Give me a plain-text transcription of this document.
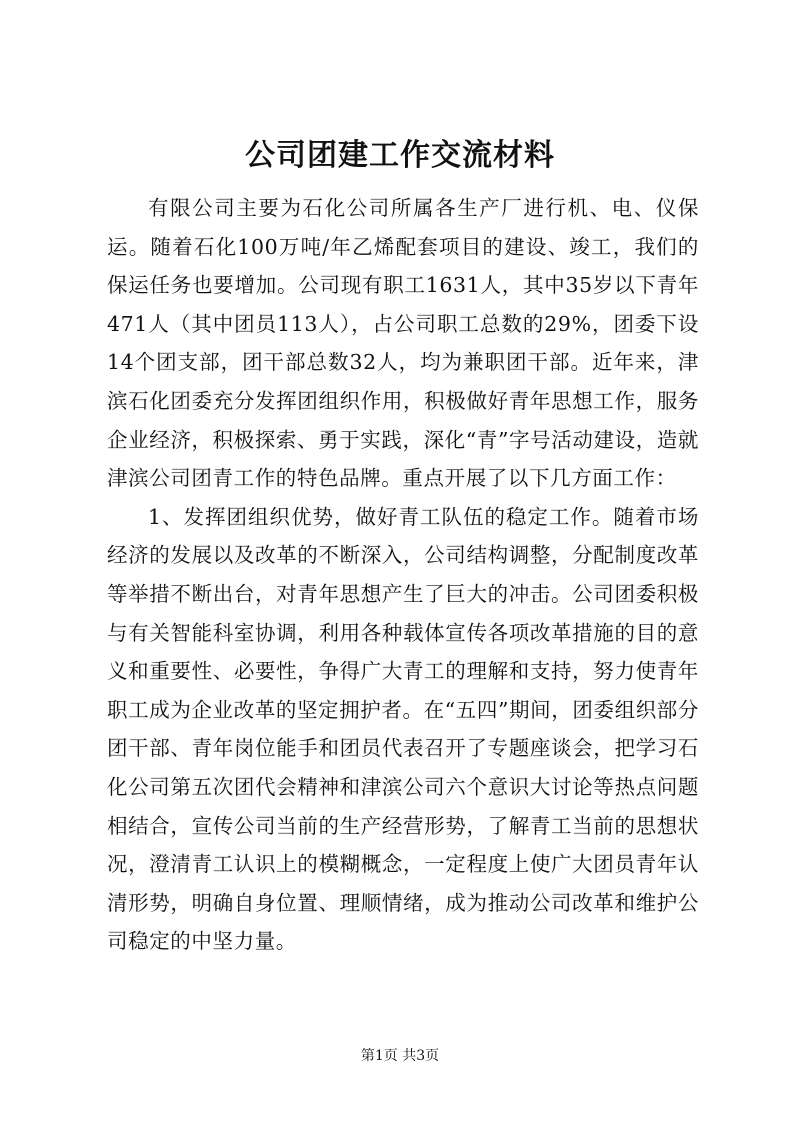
公司团建工作交流材料

有限公司主要为石化公司所属各生产厂进行机、电、仪保运。随着石化100万吨/年乙烯配套项目的建设、竣工，我们的保运任务也要增加。公司现有职工1631人，其中35岁以下青年471人（其中团员113人），占公司职工总数的29%，团委下设14个团支部，团干部总数32人，均为兼职团干部。近年来，津滨石化团委充分发挥团组织作用，积极做好青年思想工作，服务企业经济，积极探索、勇于实践，深化“青”字号活动建设，造就津滨公司团青工作的特色品牌。重点开展了以下几方面工作：

1、发挥团组织优势，做好青工队伍的稳定工作。随着市场经济的发展以及改革的不断深入，公司结构调整，分配制度改革等举措不断出台，对青年思想产生了巨大的冲击。公司团委积极与有关智能科室协调，利用各种载体宣传各项改革措施的目的意义和重要性、必要性，争得广大青工的理解和支持，努力使青年职工成为企业改革的坚定拥护者。在“五四”期间，团委组织部分团干部、青年岗位能手和团员代表召开了专题座谈会，把学习石化公司第五次团代会精神和津滨公司六个意识大讨论等热点问题相结合，宣传公司当前的生产经营形势，了解青工当前的思想状况，澄清青工认识上的模糊概念，一定程度上使广大团员青年认清形势，明确自身位置、理顺情绪，成为推动公司改革和维护公司稳定的中坚力量。

第1页 共3页
